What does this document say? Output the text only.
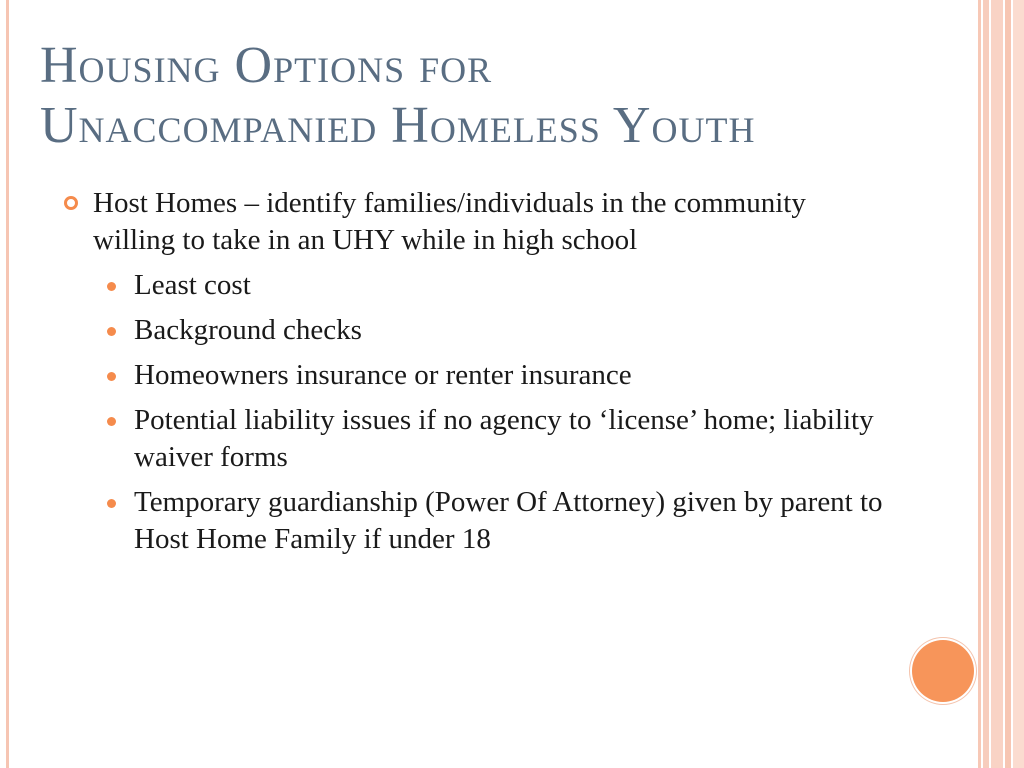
Housing Options for
Unaccompanied Homeless Youth
Host Homes – identify families/individuals in the community willing to take in an UHY while in high school
Least cost
Background checks
Homeowners insurance or renter insurance
Potential liability issues if no agency to ‘license’ home; liability waiver forms
Temporary guardianship (Power Of Attorney) given by parent to Host Home Family if under 18
